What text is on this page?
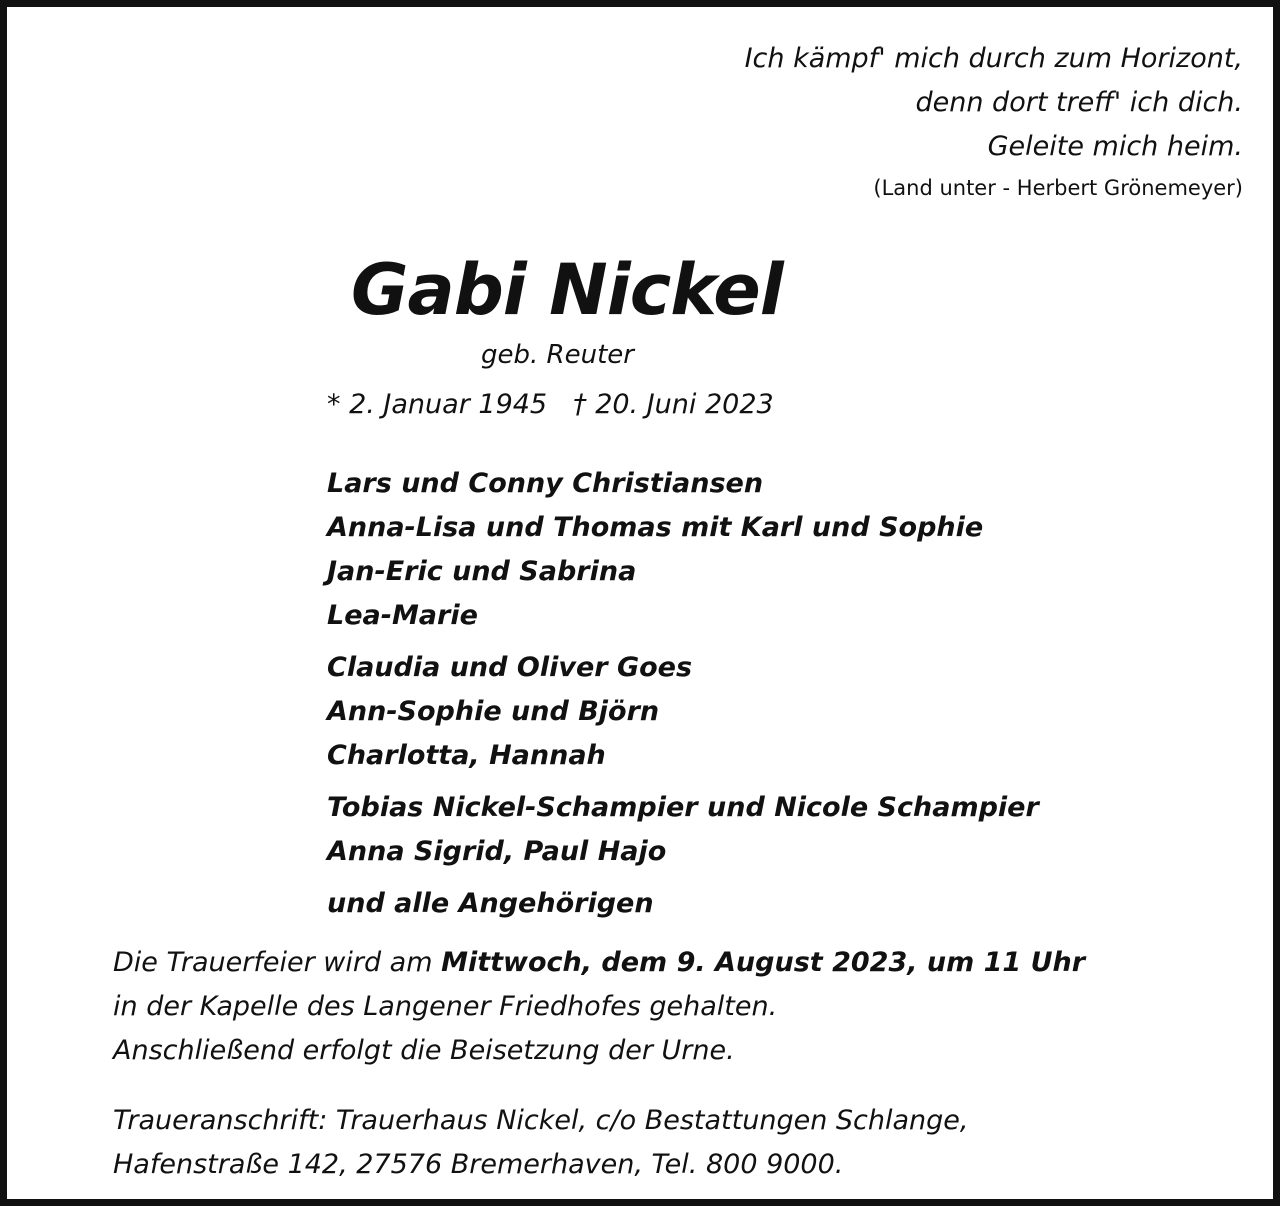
Ich kämpf' mich durch zum Horizont,
denn dort treff' ich dich.
Geleite mich heim.
(Land unter - Herbert Grönemeyer)
Gabi Nickel
geb. Reuter
* 2. Januar 1945 † 20. Juni 2023
Lars und Conny Christiansen
Anna-Lisa und Thomas mit Karl und Sophie
Jan-Eric und Sabrina
Lea-Marie
Claudia und Oliver Goes
Ann-Sophie und Björn
Charlotta, Hannah
Tobias Nickel-Schampier und Nicole Schampier
Anna Sigrid, Paul Hajo
und alle Angehörigen
Die Trauerfeier wird am Mittwoch, dem 9. August 2023, um 11 Uhr
in der Kapelle des Langener Friedhofes gehalten.
Anschließend erfolgt die Beisetzung der Urne.
Traueranschrift: Trauerhaus Nickel, c/o Bestattungen Schlange,
Hafenstraße 142, 27576 Bremerhaven, Tel. 800 9000.
